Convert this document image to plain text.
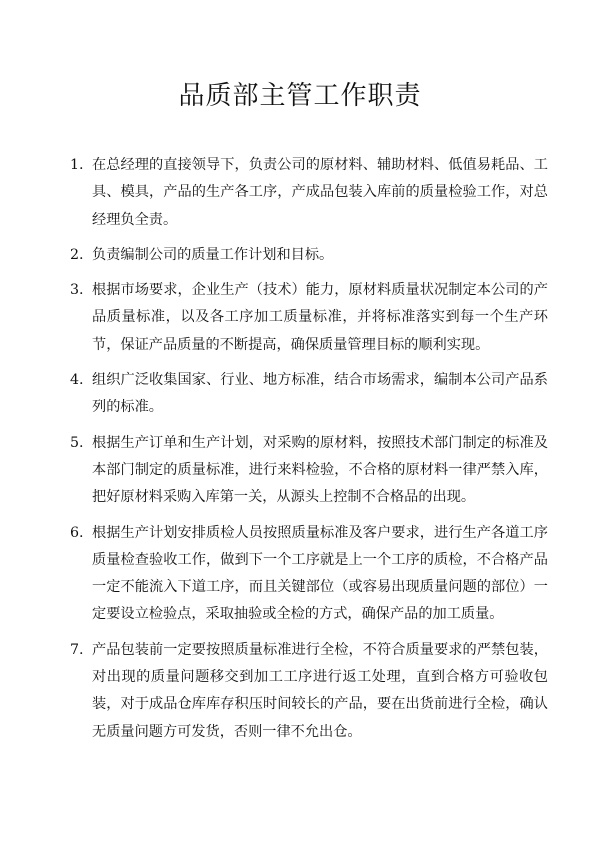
品质部主管工作职责
1. 在总经理的直接领导下，负责公司的原材料、辅助材料、低值易耗品、工具、模具，产品的生产各工序，产成品包装入库前的质量检验工作，对总经理负全责。
2. 负责编制公司的质量工作计划和目标。
3. 根据市场要求，企业生产（技术）能力，原材料质量状况制定本公司的产品质量标准，以及各工序加工质量标准，并将标准落实到每一个生产环节，保证产品质量的不断提高，确保质量管理目标的顺利实现。
4. 组织广泛收集国家、行业、地方标准，结合市场需求，编制本公司产品系列的标准。
5. 根据生产订单和生产计划，对采购的原材料，按照技术部门制定的标准及本部门制定的质量标准，进行来料检验，不合格的原材料一律严禁入库，把好原材料采购入库第一关，从源头上控制不合格品的出现。
6. 根据生产计划安排质检人员按照质量标准及客户要求，进行生产各道工序质量检查验收工作，做到下一个工序就是上一个工序的质检，不合格产品一定不能流入下道工序，而且关键部位（或容易出现质量问题的部位）一定要设立检验点，采取抽验或全检的方式，确保产品的加工质量。
7. 产品包装前一定要按照质量标准进行全检，不符合质量要求的严禁包装，对出现的质量问题移交到加工工序进行返工处理，直到合格方可验收包装，对于成品仓库库存积压时间较长的产品，要在出货前进行全检，确认无质量问题方可发货，否则一律不允出仓。
